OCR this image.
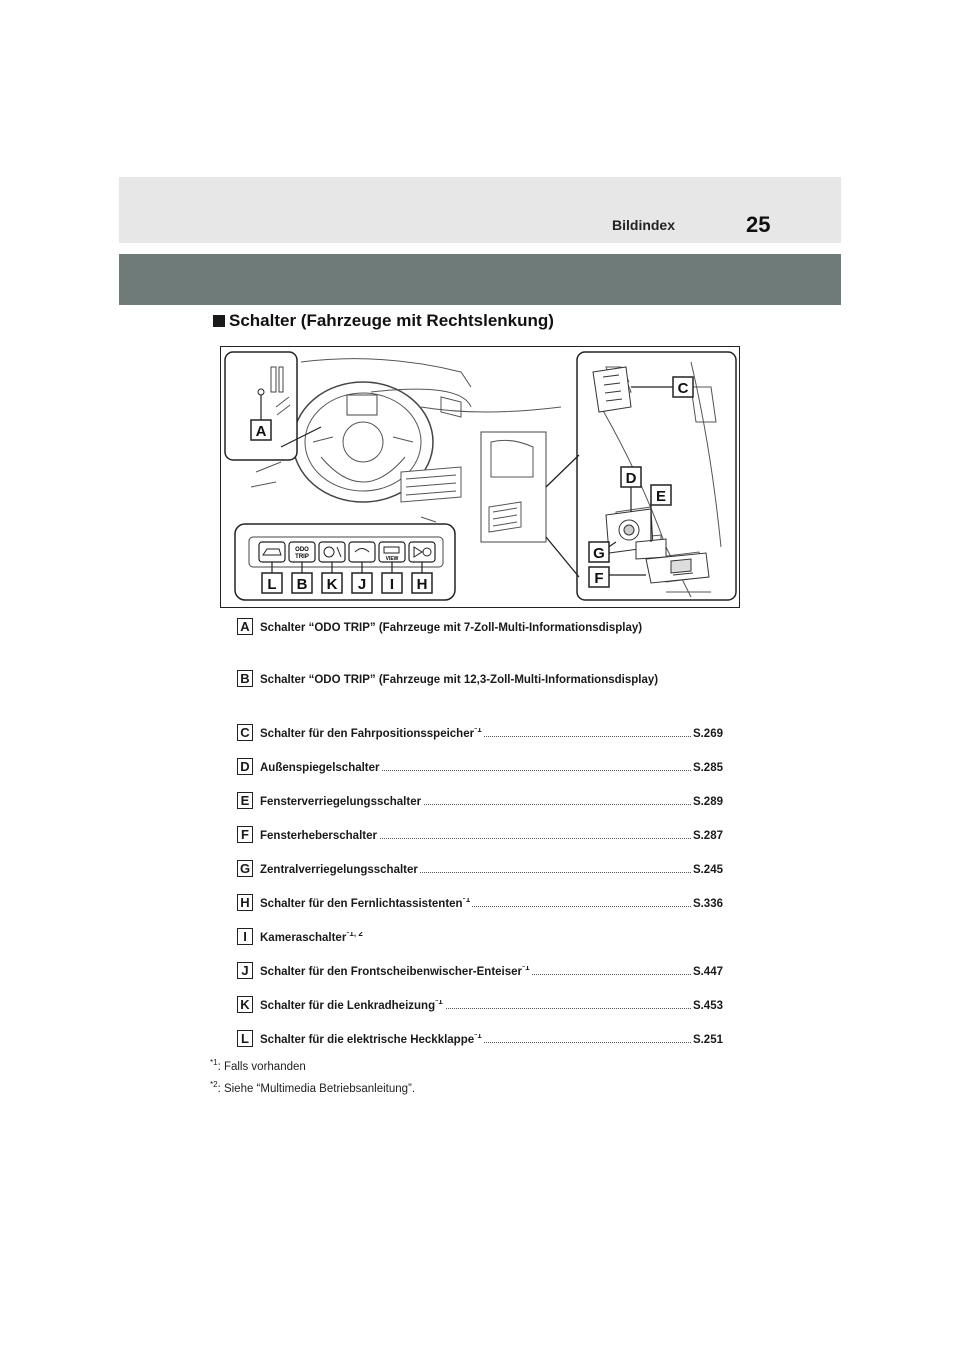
Bildindex	25
Schalter (Fahrzeuge mit Rechtslenkung)
ODO
TRIP	VIEW
A
C
D
E
G
F
L B K J I H
A Schalter “ODO TRIP” (Fahrzeuge mit 7-Zoll-Multi-Informationsdisplay)
B Schalter “ODO TRIP” (Fahrzeuge mit 12,3-Zoll-Multi-Informationsdisplay)
C Schalter für den Fahrpositionsspeicher$^{*1}$	S.269
D Außenspiegelschalter	S.285
E Fensterverriegelungsschalter	S.289
F Fensterheberschalter	S.287
G Zentralverriegelungsschalter	S.245
H Schalter für den Fernlichtassistenten$^{*1}$	S.336
I	Kameraschalter$^{*1, 2}$
J Schalter für den Frontscheibenwischer-Enteiser$^{*1}$	S.447
K Schalter für die Lenkradheizung$^{*1}$	S.453
L Schalter für die elektrische Heckklappe$^{*1}$	S.251
$^{*1}$: Falls vorhanden
$^{*2}$: Siehe “Multimedia Betriebsanleitung”.
